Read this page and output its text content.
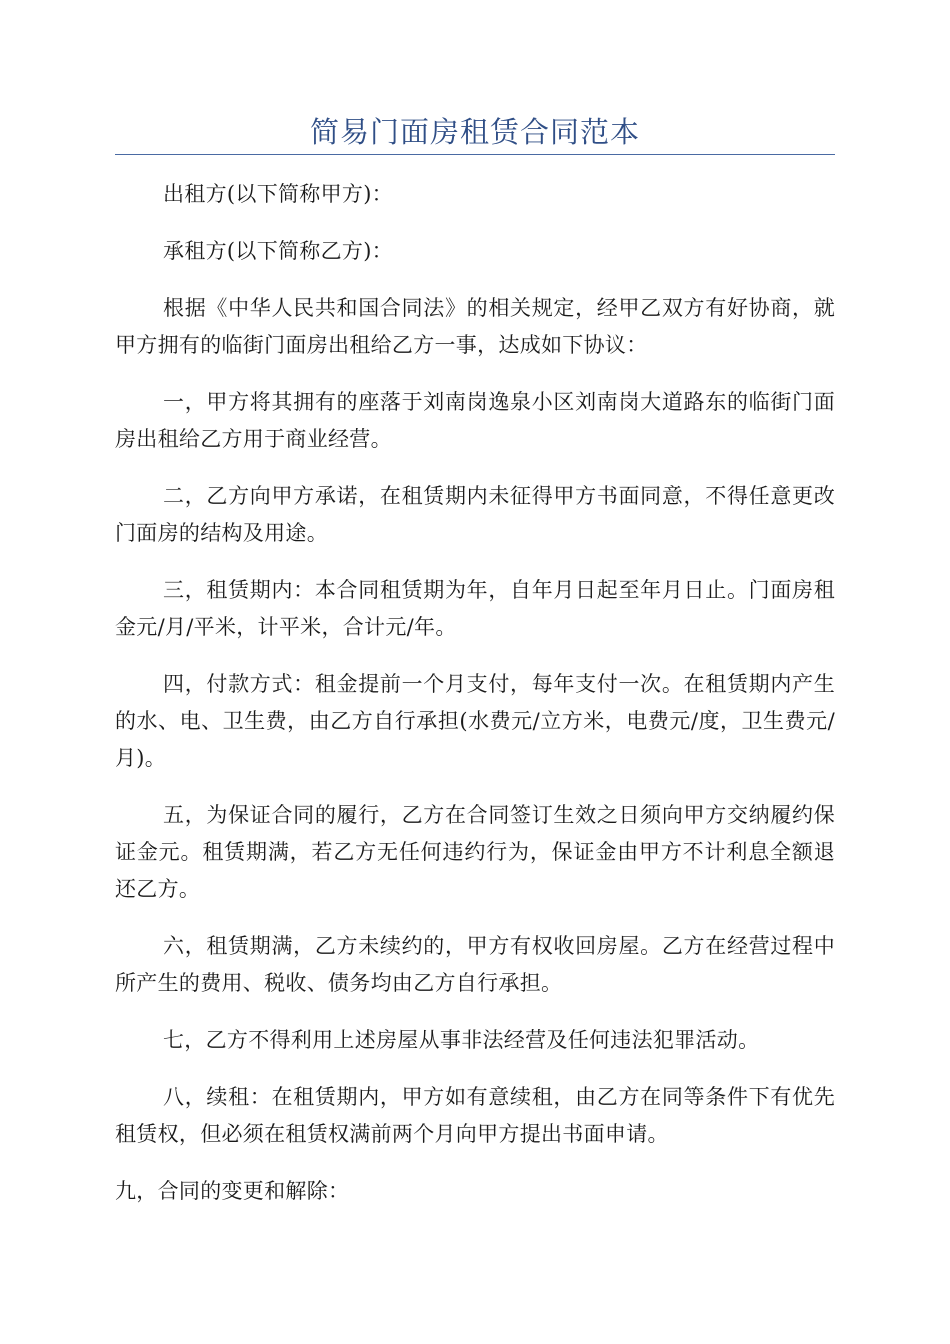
简易门面房租赁合同范本

出租方(以下简称甲方)：

承租方(以下简称乙方)：

根据《中华人民共和国合同法》的相关规定，经甲乙双方有好协商，就甲方拥有的临街门面房出租给乙方一事，达成如下协议：

一，甲方将其拥有的座落于刘南岗逸泉小区刘南岗大道路东的临街门面房出租给乙方用于商业经营。

二，乙方向甲方承诺，在租赁期内未征得甲方书面同意，不得任意更改门面房的结构及用途。

三，租赁期内：本合同租赁期为年，自年月日起至年月日止。门面房租金元/月/平米，计平米，合计元/年。

四，付款方式：租金提前一个月支付，每年支付一次。在租赁期内产生的水、电、卫生费，由乙方自行承担(水费元/立方米，电费元/度，卫生费元/月)。

五，为保证合同的履行，乙方在合同签订生效之日须向甲方交纳履约保证金元。租赁期满，若乙方无任何违约行为，保证金由甲方不计利息全额退还乙方。

六，租赁期满，乙方未续约的，甲方有权收回房屋。乙方在经营过程中所产生的费用、税收、债务均由乙方自行承担。

七，乙方不得利用上述房屋从事非法经营及任何违法犯罪活动。

八，续租：在租赁期内，甲方如有意续租，由乙方在同等条件下有优先租赁权，但必须在租赁权满前两个月向甲方提出书面申请。

九，合同的变更和解除：
